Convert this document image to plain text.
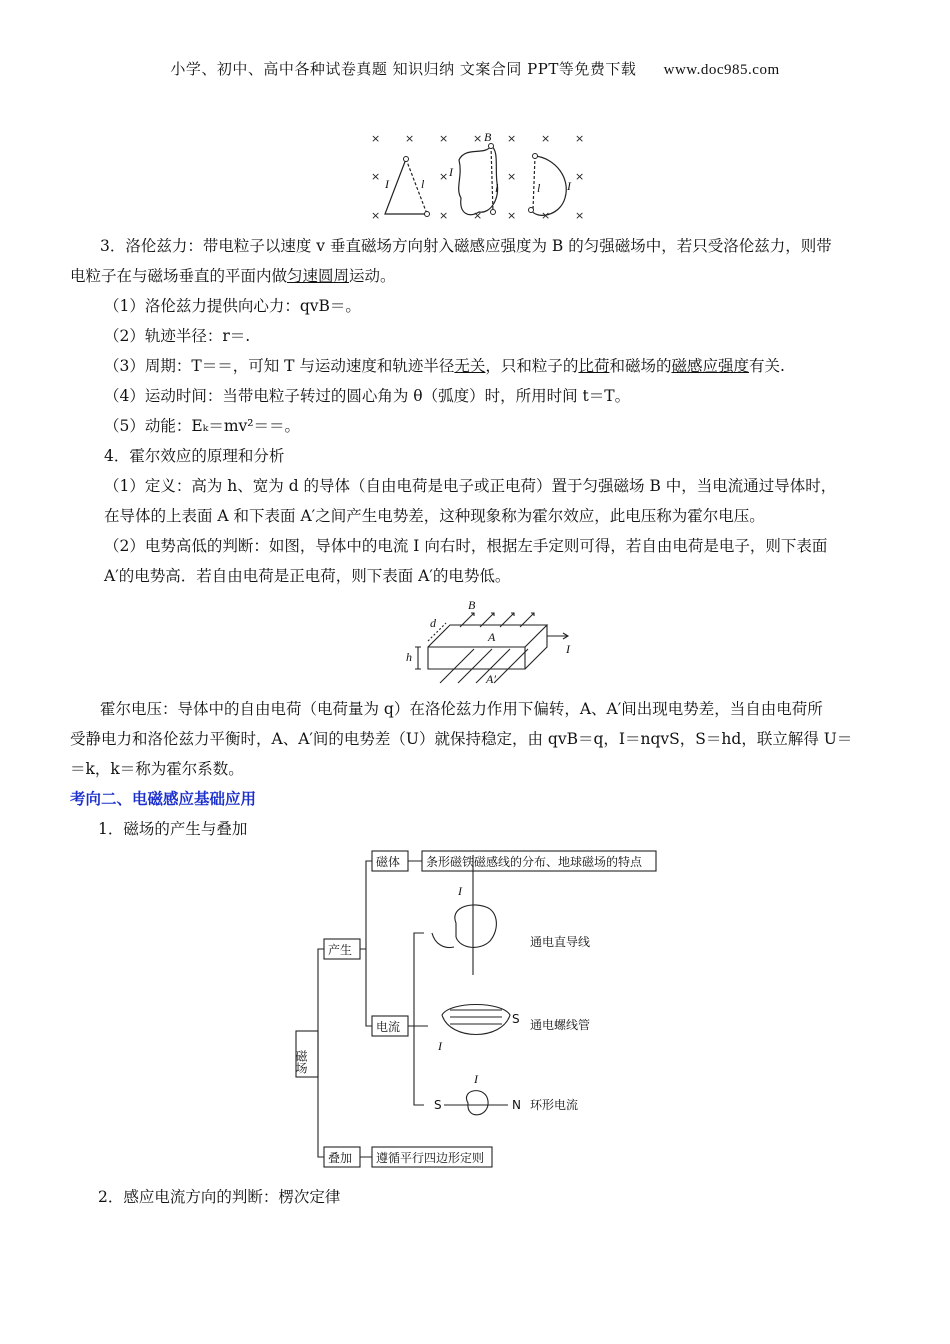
小学、初中、高中各种试卷真题 知识归纳 文案合同 PPT等免费下载 www.doc985.com
× × × × × × ×
×	×	×	×
×	× × × × ×
B
I	l
I
l	l I
3．洛伦兹力：带电粒子以速度 v 垂直磁场方向射入磁感应强度为 B 的匀强磁场中，若只受洛伦兹力，则带
电粒子在与磁场垂直的平面内做匀速圆周运动。
（1）洛伦兹力提供向心力：qvB＝。
（2）轨迹半径：r＝.
（3）周期：T＝＝，可知 T 与运动速度和轨迹半径无关，只和粒子的比荷和磁场的磁感应强度有关.
（4）运动时间：当带电粒子转过的圆心角为 θ（弧度）时，所用时间 t＝T。
（5）动能：Eₖ＝mv²＝＝。
4．霍尔效应的原理和分析
（1）定义：高为 h、宽为 d 的导体（自由电荷是电子或正电荷）置于匀强磁场 B 中，当电流通过导体时，
在导体的上表面 A 和下表面 A′之间产生电势差，这种现象称为霍尔效应，此电压称为霍尔电压。
（2）电势高低的判断：如图，导体中的电流 I 向右时，根据左手定则可得，若自由电荷是电子，则下表面
A′的电势高．若自由电荷是正电荷，则下表面 A′的电势低。
B
d
A
I
h
A′
霍尔电压：导体中的自由电荷（电荷量为 q）在洛伦兹力作用下偏转，A、A′间出现电势差，当自由电荷所
受静电力和洛伦兹力平衡时，A、A′间的电势差（U）就保持稳定，由 qvB＝q，I＝nqvS，S＝hd，联立解得 U＝
＝k，k＝称为霍尔系数。
考向二、电磁感应基础应用
1．磁场的产生与叠加
磁场
产生
叠加
磁体 条形磁铁磁感线的分布、地球磁场的特点
电流
遵循平行四边形定则
通电直导线
通电螺线管
环形电流
I
I
S
I
S	N
2．感应电流方向的判断：楞次定律
